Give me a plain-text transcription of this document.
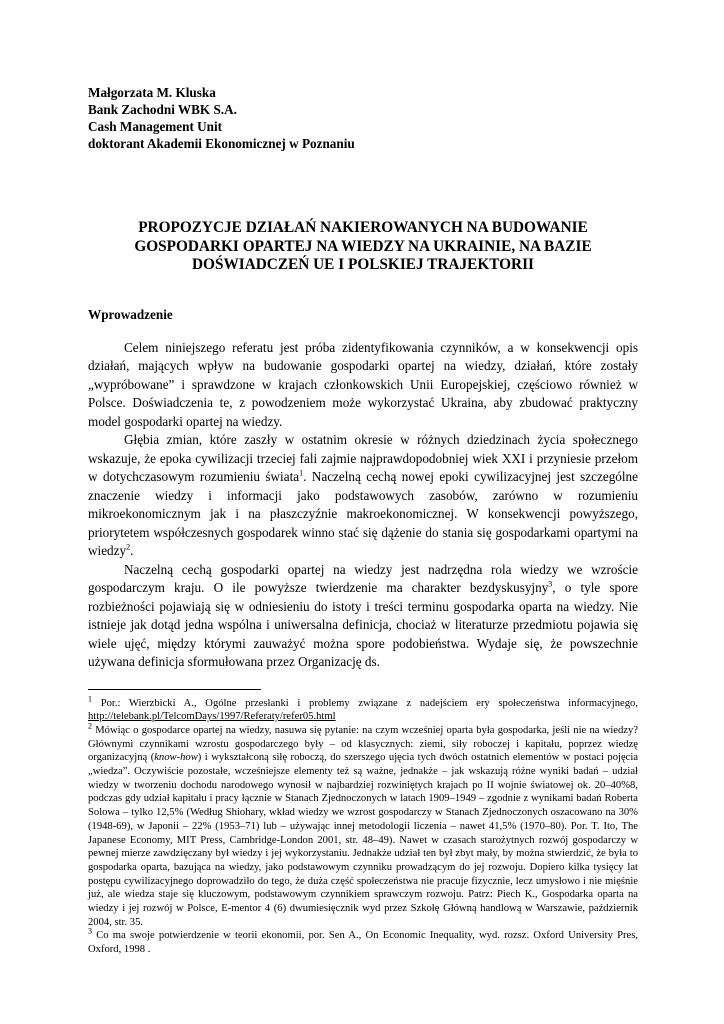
Małgorzata M. Kluska

Bank Zachodni WBK S.A.

Cash Management Unit

doktorant Akademii Ekonomicznej w Poznaniu

PROPOZYCJE DZIAŁAŃ NAKIEROWANYCH NA BUDOWANIE
GOSPODARKI OPARTEJ NA WIEDZY NA UKRAINIE, NA BAZIE
DOŚWIADCZEŃ UE I POLSKIEJ TRAJEKTORII

Wprowadzenie

Celem niniejszego referatu jest próba zidentyfikowania czynników, a w konsekwencji opis działań, mających wpływ na budowanie gospodarki opartej na wiedzy, działań, które zostały „wypróbowane” i sprawdzone w krajach członkowskich Unii Europejskiej, częściowo również w Polsce. Doświadczenia te, z powodzeniem może wykorzystać Ukraina, aby zbudować praktyczny model gospodarki opartej na wiedzy.

Głębia zmian, które zaszły w ostatnim okresie w różnych dziedzinach życia społecznego wskazuje, że epoka cywilizacji trzeciej fali zajmie najprawdopodobniej wiek XXI i przyniesie przełom w dotychczasowym rozumieniu świata$^1$. Naczelną cechą nowej epoki cywilizacyjnej jest szczególne znaczenie wiedzy i informacji jako podstawowych zasobów, zarówno w rozumieniu mikroekonomicznym jak i na płaszczyźnie makroekonomicznej. W konsekwencji powyższego, priorytetem współczesnych gospodarek winno stać się dążenie do stania się gospodarkami opartymi na wiedzy$^2$.

Naczelną cechą gospodarki opartej na wiedzy jest nadrzędna rola wiedzy we wzroście gospodarczym kraju. O ile powyższe twierdzenie ma charakter bezdyskusyjny$^3$, o tyle spore rozbieżności pojawiają się w odniesieniu do istoty i treści terminu gospodarka oparta na wiedzy. Nie istnieje jak dotąd jedna wspólna i uniwersalna definicja, chociaż w literaturze przedmiotu pojawia się wiele ujęć, między którymi zauważyć można spore podobieństwa. Wydaje się, że powszechnie używana definicja sformułowana przez Organizację ds.

$^1$ Por.: Wierzbicki A., Ogólne przesłanki i problemy związane z nadejściem ery społeczeństwa informacyjnego, http://telebank.pl/TelcomDays/1997/Referaty/refer05.html

$^2$ Mówiąc o gospodarce opartej na wiedzy, nasuwa się pytanie: na czym wcześniej oparta była gospodarka, jeśli nie na wiedzy? Głównymi czynnikami wzrostu gospodarczego były – od klasycznych: ziemi, siły roboczej i kapitału, poprzez wiedzę organizacyjną (know-how) i wykształconą siłę roboczą, do szerszego ujęcia tych dwóch ostatnich elementów w postaci pojęcia „wiedza”. Oczywiście pozostałe, wcześniejsze elementy też są ważne, jednakże – jak wskazują różne wyniki badań – udział wiedzy w tworzeniu dochodu narodowego wynosił w najbardziej rozwiniętych krajach po II wojnie światowej ok. 20–40%8, podczas gdy udział kapitału i pracy łącznie w Stanach Zjednoczonych w latach 1909–1949 – zgodnie z wynikami badań Roberta Solowa – tylko 12,5% (Według Shiohary, wkład wiedzy we wzrost gospodarczy w Stanach Zjednoczonych oszacowano na 30% (1948-69), w Japonii – 22% (1953–71) lub – używając innej metodologii liczenia – nawet 41,5% (1970–80). Por. T. Ito, The Japanese Economy, MIT Press, Cambridge-London 2001, str. 48–49). Nawet w czasach starożytnych rozwój gospodarczy w pewnej mierze zawdzięczany był wiedzy i jej wykorzystaniu. Jednakże udział ten był zbyt mały, by można stwierdzić, że była to gospodarka oparta, bazująca na wiedzy, jako podstawowym czynniku prowadzącym do jej rozwoju. Dopiero kilka tysięcy lat postępu cywilizacyjnego doprowadziło do tego, że duża część społeczeństwa nie pracuje fizycznie, lecz umysłowo i nie mięśnie już, ale wiedza staje się kluczowym, podstawowym czynnikiem sprawczym rozwoju. Patrz: Piech K., Gospodarka oparta na wiedzy i jej rozwój w Polsce, E-mentor 4 (6) dwumiesięcznik wyd przez Szkołę Główną handlową w Warszawie, październik 2004, str. 35.

$^3$ Co ma swoje potwierdzenie w teorii ekonomii, por. Sen A., On Economic Inequality, wyd. rozsz. Oxford University Pres, Oxford, 1998 .
